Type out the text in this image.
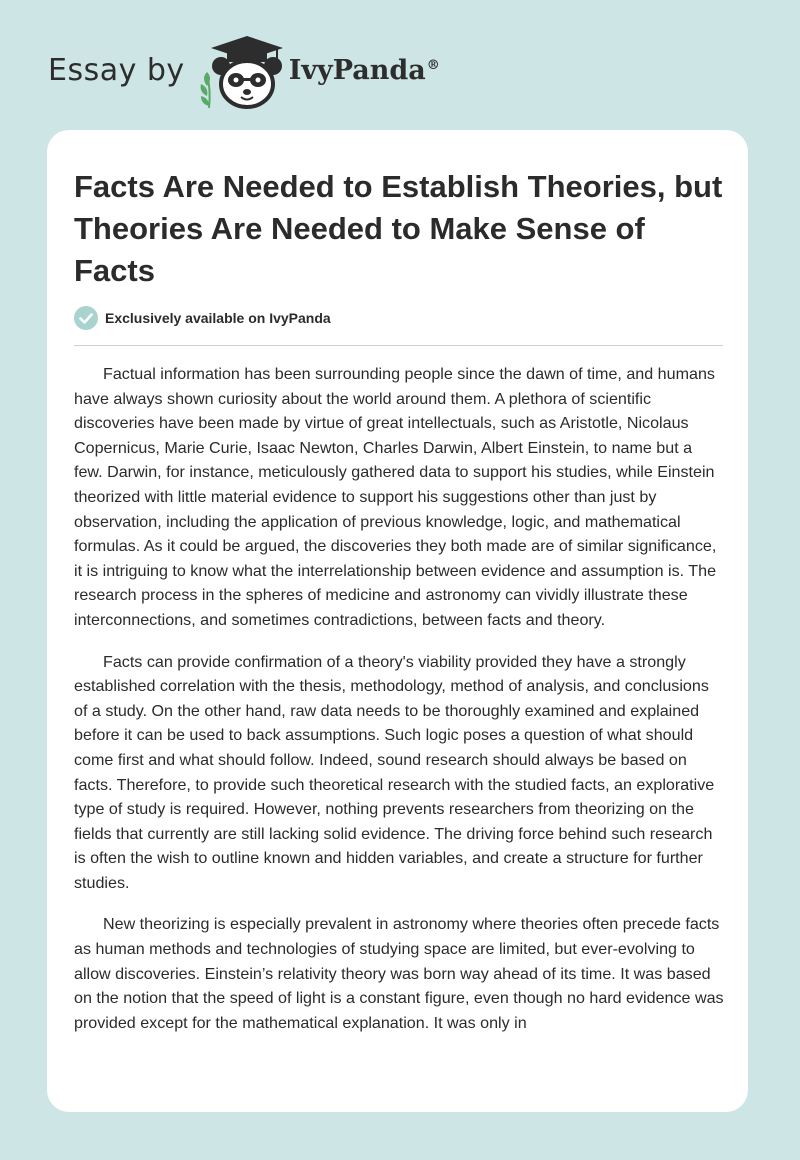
Essay by	IvyPanda®
Facts Are Needed to Establish Theories, but Theories Are Needed to Make Sense of Facts
Exclusively available on IvyPanda

Factual information has been surrounding people since the dawn of time, and humans have always shown curiosity about the world around them. A plethora of scientific discoveries have been made by virtue of great intellectuals, such as Aristotle, Nicolaus Copernicus, Marie Curie, Isaac Newton, Charles Darwin, Albert Einstein, to name but a few. Darwin, for instance, meticulously gathered data to support his studies, while Einstein theorized with little material evidence to support his suggestions other than just by observation, including the application of previous knowledge, logic, and mathematical formulas. As it could be argued, the discoveries they both made are of similar significance, it is intriguing to know what the interrelationship between evidence and assumption is. The research process in the spheres of medicine and astronomy can vividly illustrate these interconnections, and sometimes contradictions, between facts and theory.

Facts can provide confirmation of a theory's viability provided they have a strongly established correlation with the thesis, methodology, method of analysis, and conclusions of a study. On the other hand, raw data needs to be thoroughly examined and explained before it can be used to back assumptions. Such logic poses a question of what should come first and what should follow. Indeed, sound research should always be based on facts. Therefore, to provide such theoretical research with the studied facts, an explorative type of study is required. However, nothing prevents researchers from theorizing on the fields that currently are still lacking solid evidence. The driving force behind such research is often the wish to outline known and hidden variables, and create a structure for further studies.

New theorizing is especially prevalent in astronomy where theories often precede facts as human methods and technologies of studying space are limited, but ever-evolving to allow discoveries. Einstein’s relativity theory was born way ahead of its time. It was based on the notion that the speed of light is a constant figure, even though no hard evidence was provided except for the mathematical explanation. It was only in
